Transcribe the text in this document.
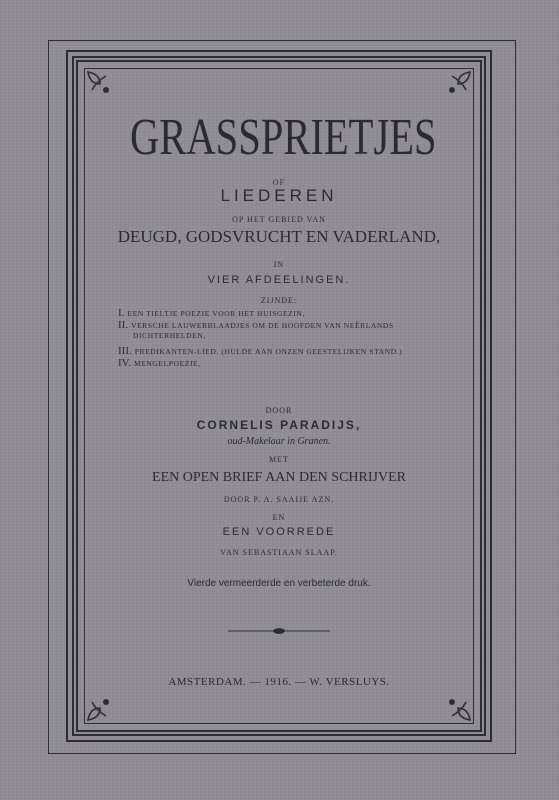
GRASSPRIETJES
OF
LIEDEREN
OP HET GEBIED VAN
DEUGD, GODSVRUCHT EN VADERLAND,
IN
VIER AFDEELINGEN.
ZIJNDE:
I. EEN TIELTJE POEZIE VOOR HET HUISGEZIN,
II. VERSCHE LAUWERBLAADJES OM DE HOOFDEN VAN NEÊRLANDS
DICHTERHELDEN,
III. PREDIKANTEN-LIED. (HULDE AAN ONZEN GEESTELIJKEN STAND.)
IV. MENGELPOEZIE,
DOOR
CORNELIS PARADIJS,
oud-Makelaar in Granen.
MET
EEN OPEN BRIEF AAN DEN SCHRIJVER
DOOR P. A. SAAIJE AZN.
EN
EEN VOORREDE
VAN SEBASTIAAN SLAAP.
Vierde vermeerderde en verbeterde druk.
AMSTERDAM. — 1916. — W. VERSLUYS.
